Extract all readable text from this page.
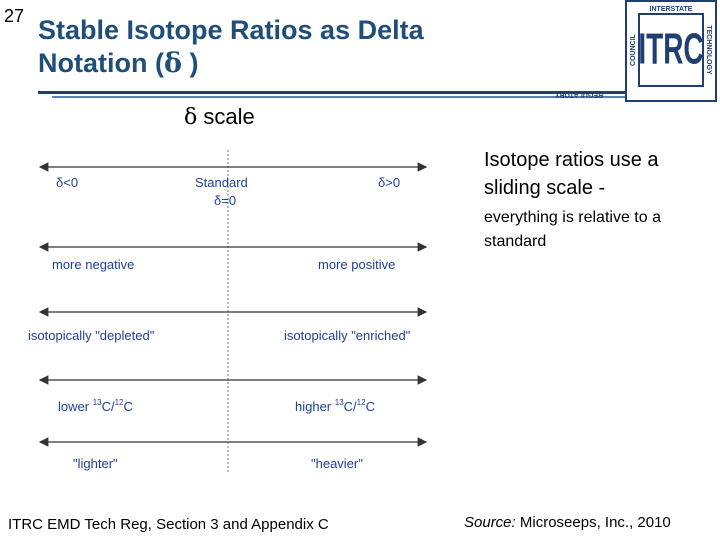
27 Stable Isotope Ratios as Delta
Notation (δ )	ITRC
INTERSTATE
REGULATORY
TECHNOLOGY
COUNCIL
δ scale
δ<0	Standard
δ=0
δ>0
more negative	more positive
isotopically "depleted"	isotopically "enriched"
lower $^{13}$C/$^{12}$C	higher $^{13}$C/$^{12}$C
"lighter"	"heavier"

Isotope ratios use a sliding scale -

everything is relative to a standard

ITRC EMD Tech Reg, Section 3 and Appendix C	Source: Microseeps, Inc., 2010
